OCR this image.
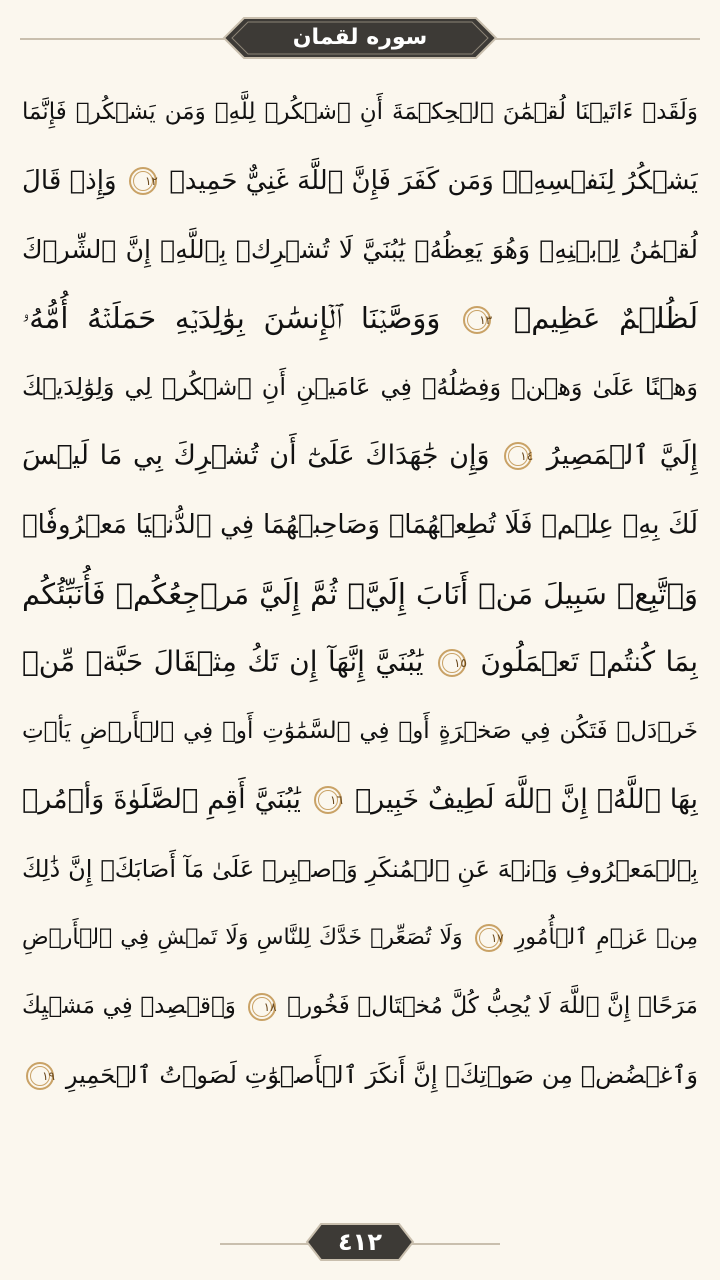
سوره لقمان
وَلَقَدۡ ءَاتَيۡنَا لُقۡمَٰنَ ٱلۡحِكۡمَةَ أَنِ ٱشۡكُرۡ لِلَّهِۚ وَمَن يَشۡكُرۡ فَإِنَّمَا
يَشۡكُرُ لِنَفۡسِهِۦۖ وَمَن كَفَرَ فَإِنَّ ٱللَّهَ غَنِيٌّ حَمِيدٞ
١٢
وَإِذۡ قَالَ
لُقۡمَٰنُ لِٱبۡنِهِۦ وَهُوَ يَعِظُهُۥ يَٰبُنَيَّ لَا تُشۡرِكۡ بِٱللَّهِۖ إِنَّ ٱلشِّرۡكَ
لَظُلۡمٌ عَظِيمٞ
١٣
وَوَصَّيۡنَا ٱلۡإِنسَٰنَ بِوَٰلِدَيۡهِ حَمَلَتۡهُ أُمُّهُۥ
وَهۡنًا عَلَىٰ وَهۡنٖ وَفِصَٰلُهُۥ فِي عَامَيۡنِ أَنِ ٱشۡكُرۡ لِي وَلِوَٰلِدَيۡكَ
إِلَيَّ ٱلۡمَصِيرُ
١٤
وَإِن جَٰهَدَاكَ عَلَىٰٓ أَن تُشۡرِكَ بِي مَا لَيۡسَ
لَكَ بِهِۦ عِلۡمٞ فَلَا تُطِعۡهُمَاۖ وَصَاحِبۡهُمَا فِي ٱلدُّنۡيَا مَعۡرُوفٗاۖ
وَٱتَّبِعۡ سَبِيلَ مَنۡ أَنَابَ إِلَيَّۚ ثُمَّ إِلَيَّ مَرۡجِعُكُمۡ فَأُنَبِّئُكُم
بِمَا كُنتُمۡ تَعۡمَلُونَ
١٥
يَٰبُنَيَّ إِنَّهَآ إِن تَكُ مِثۡقَالَ حَبَّةٖ مِّنۡ
خَرۡدَلٖ فَتَكُن فِي صَخۡرَةٍ أَوۡ فِي ٱلسَّمَٰوَٰتِ أَوۡ فِي ٱلۡأَرۡضِ يَأۡتِ
بِهَا ٱللَّهُۚ إِنَّ ٱللَّهَ لَطِيفٌ خَبِيرٞ
١٦
يَٰبُنَيَّ أَقِمِ ٱلصَّلَوٰةَ وَأۡمُرۡ
بِٱلۡمَعۡرُوفِ وَٱنۡهَ عَنِ ٱلۡمُنكَرِ وَٱصۡبِرۡ عَلَىٰ مَآ أَصَابَكَۖ إِنَّ ذَٰلِكَ
مِنۡ عَزۡمِ ٱلۡأُمُورِ
١٧
وَلَا تُصَعِّرۡ خَدَّكَ لِلنَّاسِ وَلَا تَمۡشِ فِي ٱلۡأَرۡضِ
مَرَحًاۖ إِنَّ ٱللَّهَ لَا يُحِبُّ كُلَّ مُخۡتَالٖ فَخُورٖ
١٨
وَٱقۡصِدۡ فِي مَشۡيِكَ
وَٱغۡضُضۡ مِن صَوۡتِكَۚ إِنَّ أَنكَرَ ٱلۡأَصۡوَٰتِ لَصَوۡتُ ٱلۡحَمِيرِ
١٩
٤١٢
